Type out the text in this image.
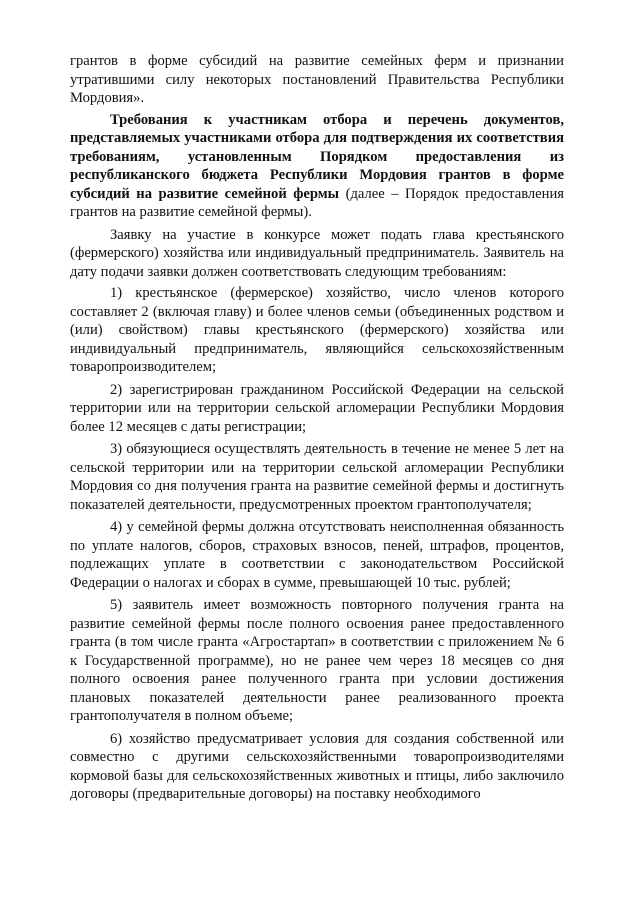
грантов в форме субсидий на развитие семейных ферм и признании утратившими силу некоторых постановлений Правительства Республики Мордовия».

Требования к участникам отбора и перечень документов, представляемых участниками отбора для подтверждения их соответствия требованиям, установленным Порядком предоставления из республиканского бюджета Республики Мордовия грантов в форме субсидий на развитие семейной фермы (далее – Порядок предоставления грантов на развитие семейной фермы).

Заявку на участие в конкурсе может подать глава крестьянского (фермерского) хозяйства или индивидуальный предприниматель. Заявитель на дату подачи заявки должен соответствовать следующим требованиям:

1) крестьянское (фермерское) хозяйство, число членов которого составляет 2 (включая главу) и более членов семьи (объединенных родством и (или) свойством) главы крестьянского (фермерского) хозяйства или индивидуальный предприниматель, являющийся сельскохозяйственным товаропроизводителем;

2) зарегистрирован гражданином Российской Федерации на сельской территории или на территории сельской агломерации Республики Мордовия более 12 месяцев с даты регистрации;

3) обязующиеся осуществлять деятельность в течение не менее 5 лет на сельской территории или на территории сельской агломерации Республики Мордовия со дня получения гранта на развитие семейной фермы и достигнуть показателей деятельности, предусмотренных проектом грантополучателя;

4) у семейной фермы должна отсутствовать неисполненная обязанность по уплате налогов, сборов, страховых взносов, пеней, штрафов, процентов, подлежащих уплате в соответствии с законодательством Российской Федерации о налогах и сборах в сумме, превышающей 10 тыс. рублей;

5) заявитель имеет возможность повторного получения гранта на развитие семейной фермы после полного освоения ранее предоставленного гранта (в том числе гранта «Агростартап» в соответствии с приложением № 6 к Государственной программе), но не ранее чем через 18 месяцев со дня полного освоения ранее полученного гранта при условии достижения плановых показателей деятельности ранее реализованного проекта грантополучателя в полном объеме;

6) хозяйство предусматривает условия для создания собственной или совместно с другими сельскохозяйственными товаропроизводителями кормовой базы для сельскохозяйственных животных и птицы, либо заключило договоры (предварительные договоры) на поставку необходимого
